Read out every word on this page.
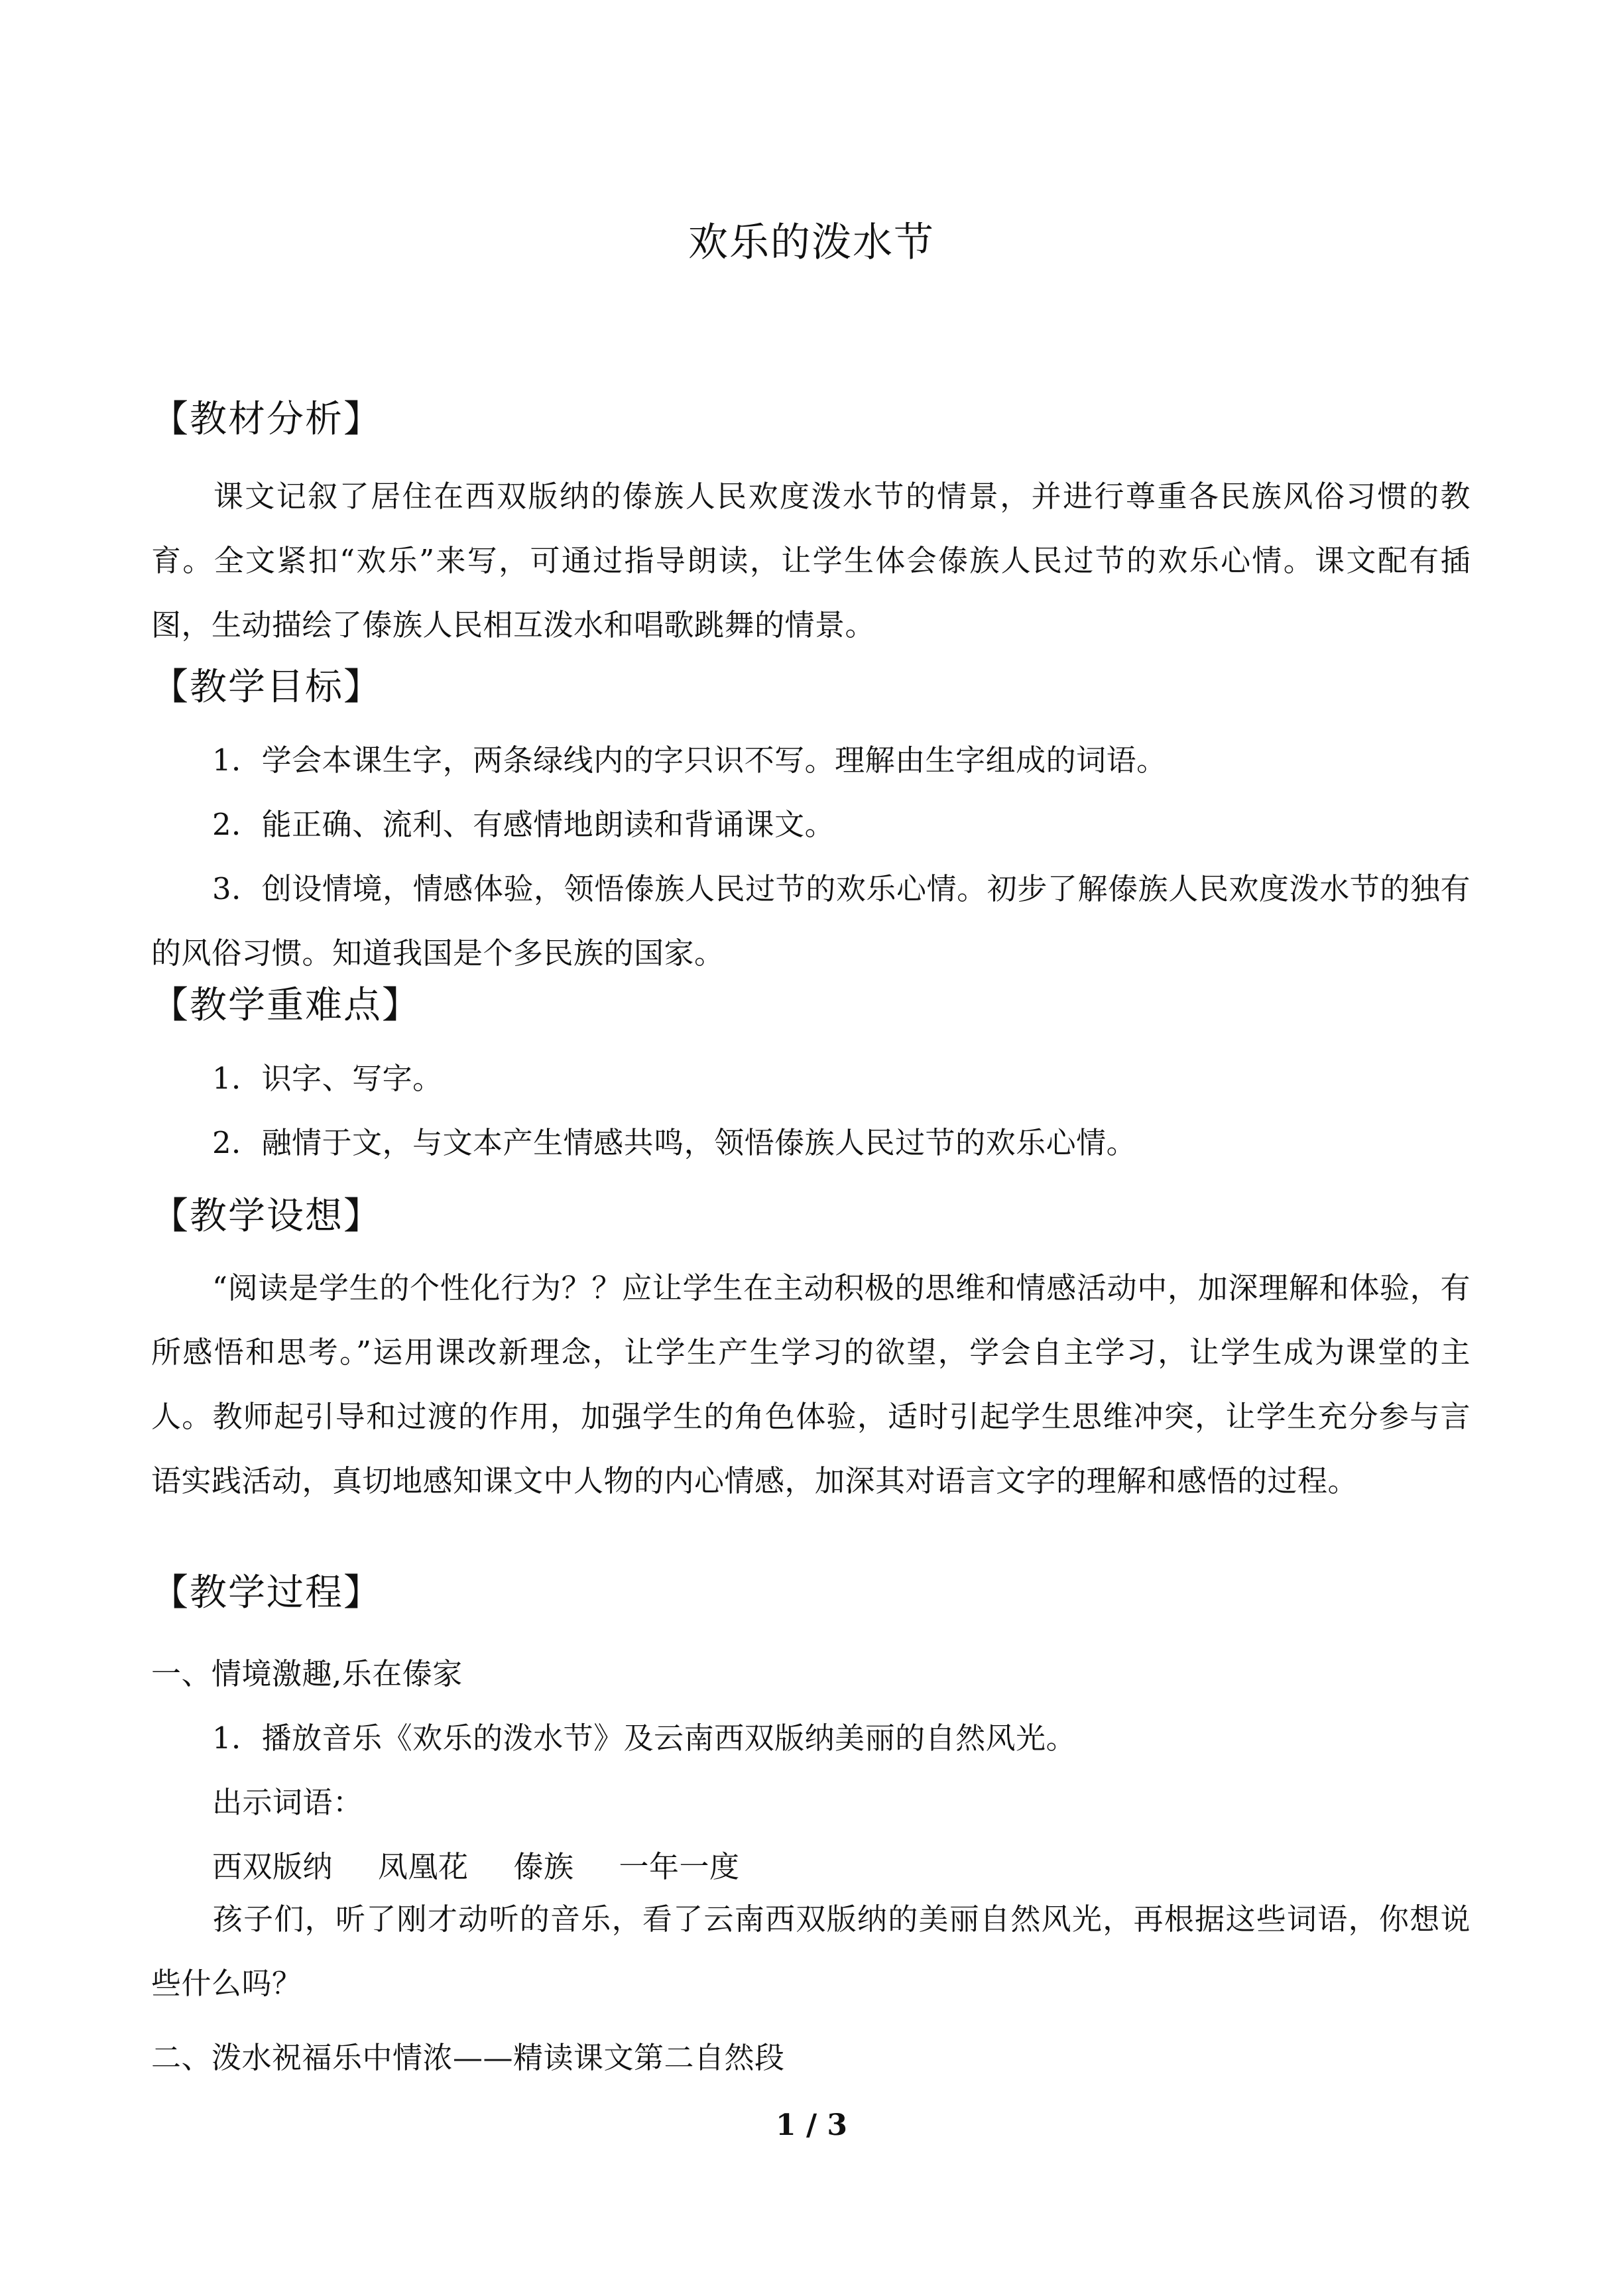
欢乐的泼水节
【教材分析】
课文记叙了居住在西双版纳的傣族人民欢度泼水节的情景，并进行尊重各民族风俗习惯的教育。全文紧扣“欢乐”来写，可通过指导朗读，让学生体会傣族人民过节的欢乐心情。课文配有插图，生动描绘了傣族人民相互泼水和唱歌跳舞的情景。
【教学目标】
1．学会本课生字，两条绿线内的字只识不写。理解由生字组成的词语。
2．能正确、流利、有感情地朗读和背诵课文。
3．创设情境，情感体验，领悟傣族人民过节的欢乐心情。初步了解傣族人民欢度泼水节的独有的风俗习惯。知道我国是个多民族的国家。
【教学重难点】
1．识字、写字。
2．融情于文，与文本产生情感共鸣，领悟傣族人民过节的欢乐心情。
【教学设想】
“阅读是学生的个性化行为？？应让学生在主动积极的思维和情感活动中，加深理解和体验，有所感悟和思考。”运用课改新理念，让学生产生学习的欲望，学会自主学习，让学生成为课堂的主人。教师起引导和过渡的作用，加强学生的角色体验，适时引起学生思维冲突，让学生充分参与言语实践活动，真切地感知课文中人物的内心情感，加深其对语言文字的理解和感悟的过程。
【教学过程】
一、情境激趣,乐在傣家
1．播放音乐《欢乐的泼水节》及云南西双版纳美丽的自然风光。
出示词语：
西双版纳 凤凰花 傣族 一年一度
孩子们，听了刚才动听的音乐，看了云南西双版纳的美丽自然风光，再根据这些词语，你想说些什么吗？
二、泼水祝福乐中情浓——精读课文第二自然段
1 / 3
